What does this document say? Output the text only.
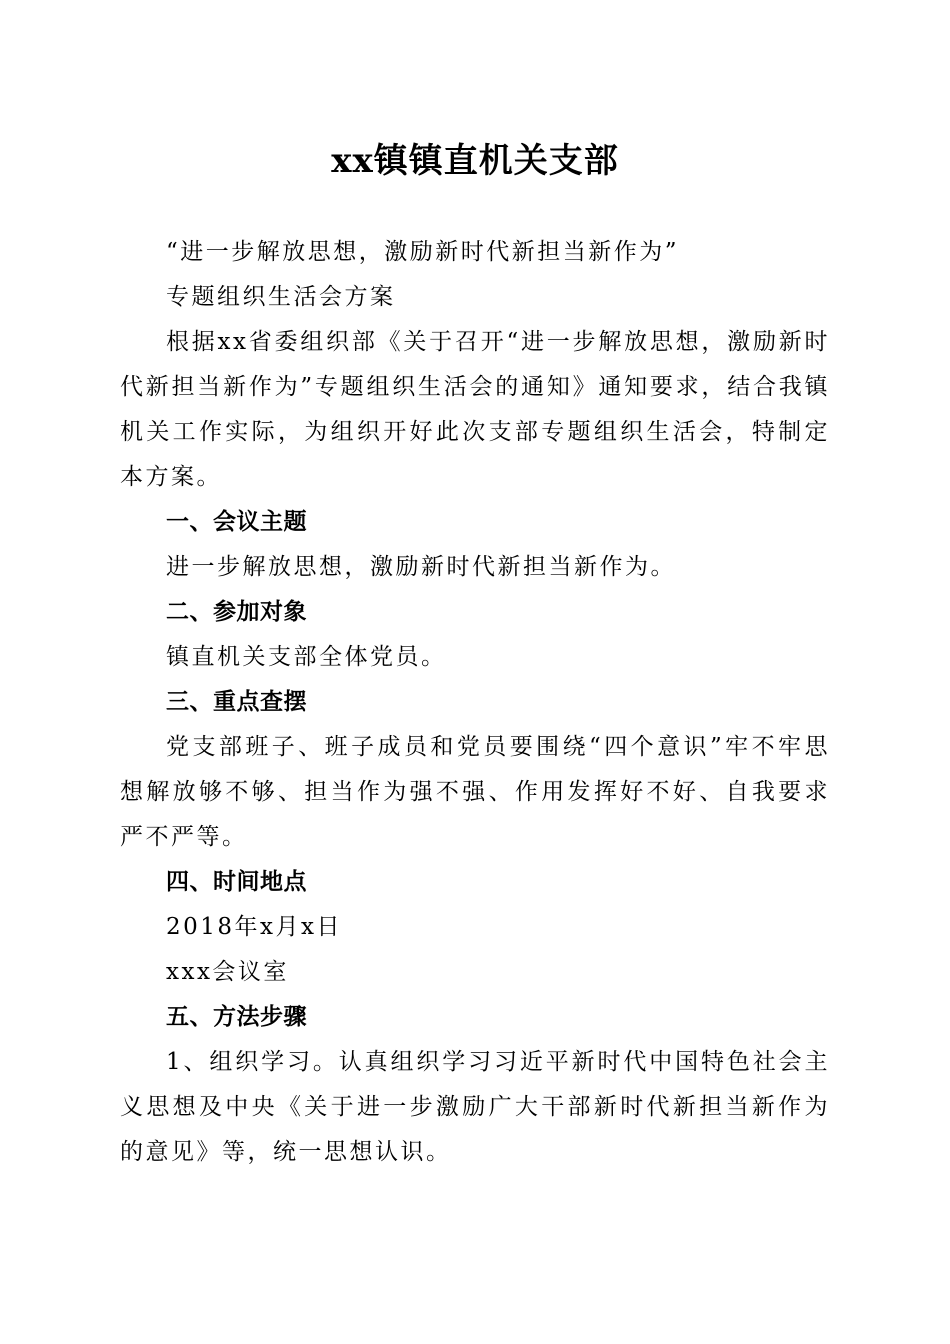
xx镇镇直机关支部

“进一步解放思想，激励新时代新担当新作为”

专题组织生活会方案

根据xx省委组织部《关于召开“进一步解放思想，激励新时代新担当新作为”专题组织生活会的通知》通知要求，结合我镇机关工作实际，为组织开好此次支部专题组织生活会，特制定本方案。

一、会议主题

进一步解放思想，激励新时代新担当新作为。

二、参加对象

镇直机关支部全体党员。

三、重点查摆

党支部班子、班子成员和党员要围绕“四个意识”牢不牢思想解放够不够、担当作为强不强、作用发挥好不好、自我要求严不严等。

四、时间地点

2018年x月x日

xxx会议室

五、方法步骤

1、组织学习。认真组织学习习近平新时代中国特色社会主义思想及中央《关于进一步激励广大干部新时代新担当新作为的意见》等，统一思想认识。
